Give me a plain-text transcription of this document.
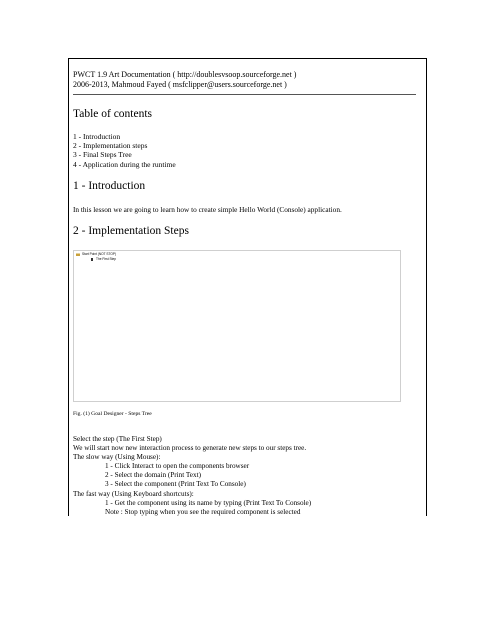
PWCT 1.9 Art Documentation ( http://doublesvsoop.sourceforge.net )
2006-2013, Mahmoud Fayed ( msfclipper@users.sourceforge.net )
Table of contents
1 - Introduction
2 - Implementation steps
3 - Final Steps Tree
4 - Application during the runtime
1 - Introduction
In this lesson we are going to learn how to create simple Hello World (Console) application.
2 - Implementation Steps
Start Point (NOT STOP)
The First Step
Fig. (1) Goal Designer - Steps Tree
Select the step (The First Step)
We will start now new interaction process to generate new steps to our steps tree.
The slow way (Using Mouse):
1 - Click Interact to open the components browser
2 - Select the domain (Print Text)
3 - Select the component (Print Text To Console)
The fast way (Using Keyboard shortcuts):
1 - Get the component using its name by typing (Print Text To Console)
Note : Stop typing when you see the required component is selected
